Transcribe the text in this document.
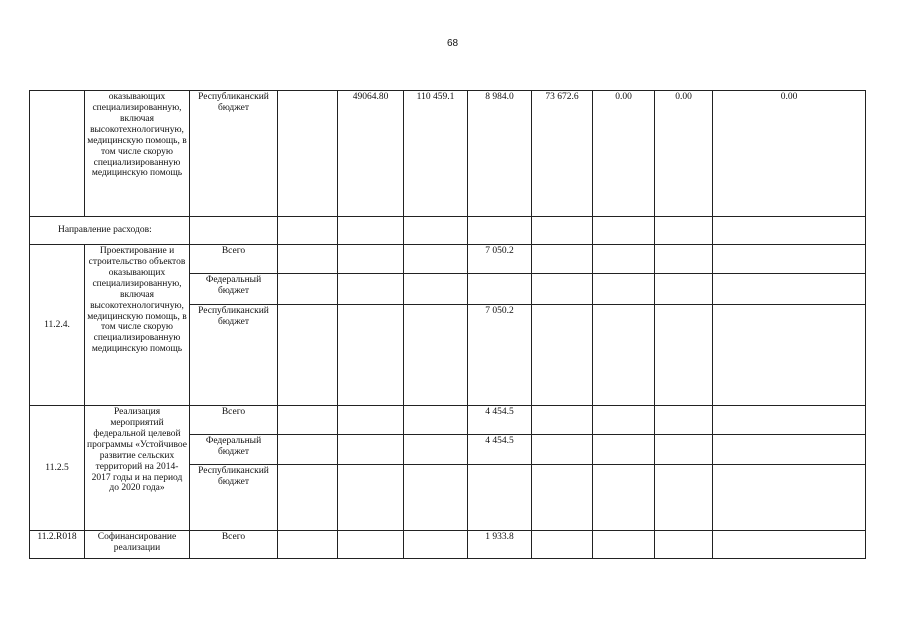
68
	оказывающих специализированную, включая высокотехнологичную, медицинскую помощь, в том числе скорую специализированную медицинскую помощь	Республиканский бюджет		49064.80	110 459.1	8 984.0	73 672.6	0.00	0.00	0.00
Направление расходов:										
11.2.4.	Проектирование и строительство объектов оказывающих специализированную, включая высокотехнологичную, медицинскую помощь, в том числе скорую специализированную медицинскую помощь	Всего				7 050.2				
		Федеральный бюджет								
		Республиканский бюджет				7 050.2				
11.2.5	Реализация мероприятий федеральной целевой программы «Устойчивое развитие сельских территорий на 2014-2017 годы и на период до 2020 года»	Всего				4 454.5				
		Федеральный бюджет				4 454.5				
		Республиканский бюджет								
11.2.R018	Софинансирование реализации	Всего				1 933.8				
